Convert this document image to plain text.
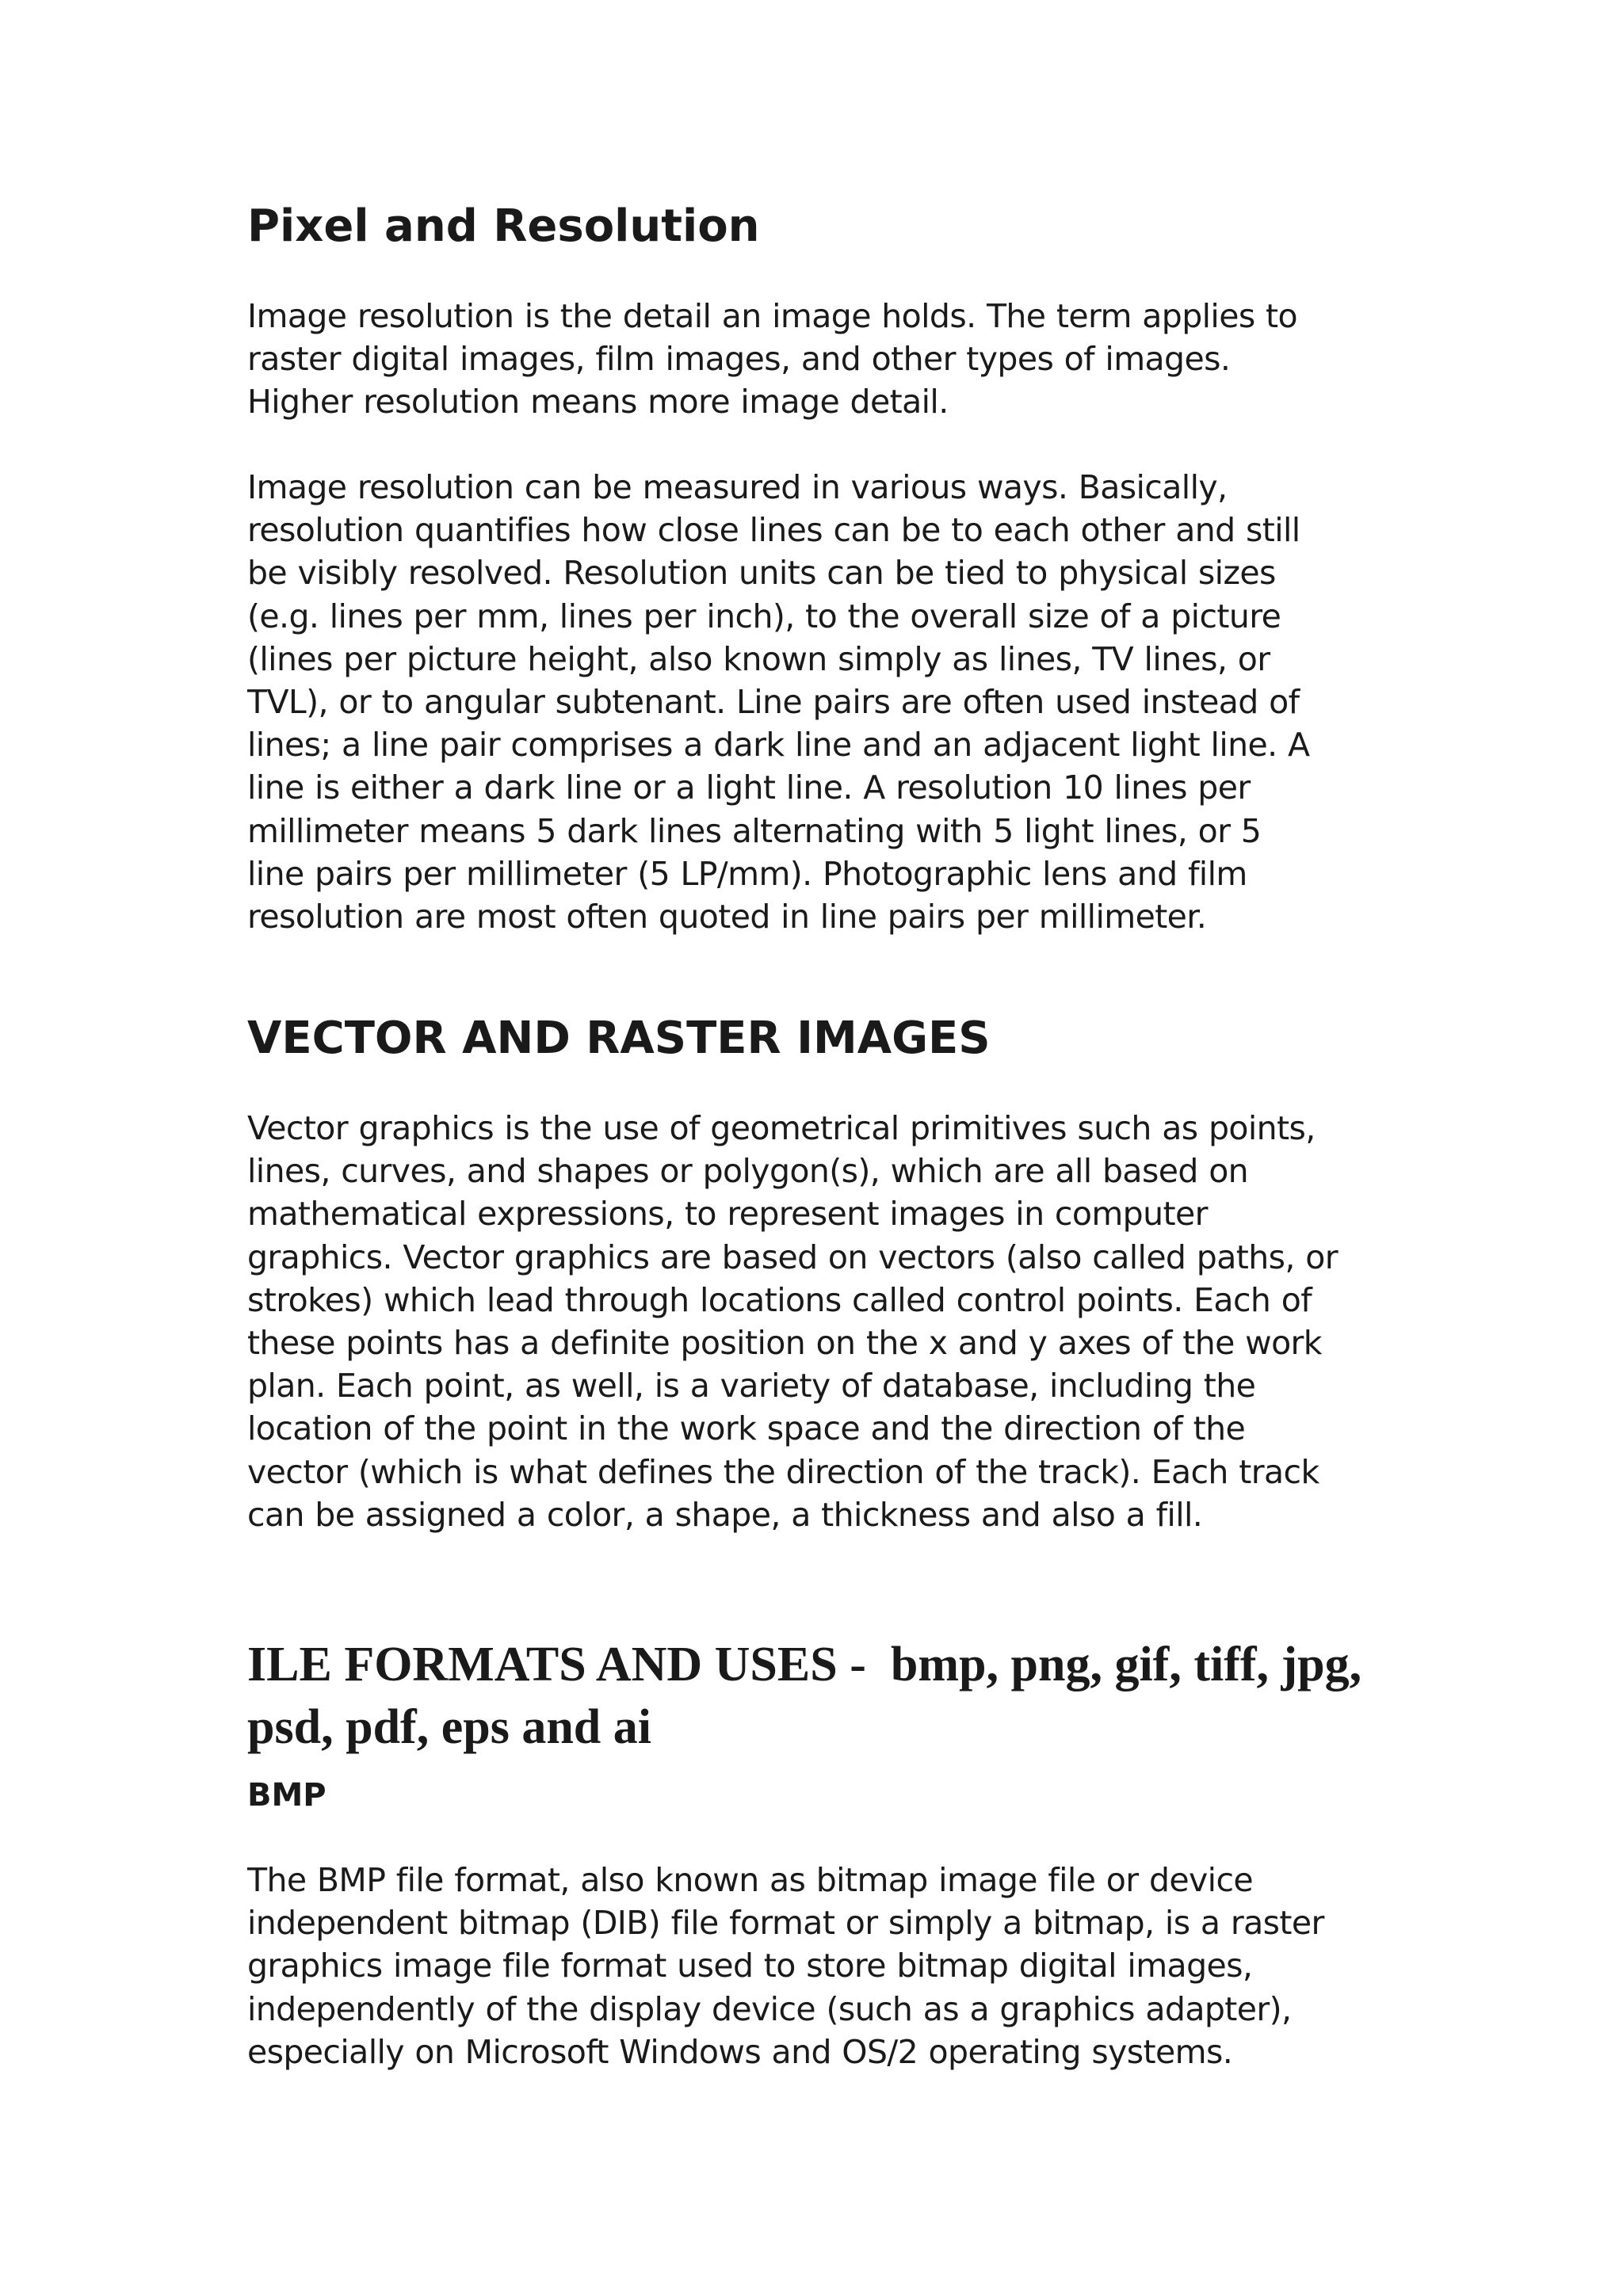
Pixel and Resolution

Image resolution is the detail an image holds. The term applies to
raster digital images, film images, and other types of images.
Higher resolution means more image detail.

Image resolution can be measured in various ways. Basically,
resolution quantifies how close lines can be to each other and still
be visibly resolved. Resolution units can be tied to physical sizes
(e.g. lines per mm, lines per inch), to the overall size of a picture
(lines per picture height, also known simply as lines, TV lines, or
TVL), or to angular subtenant. Line pairs are often used instead of
lines; a line pair comprises a dark line and an adjacent light line. A
line is either a dark line or a light line. A resolution 10 lines per
millimeter means 5 dark lines alternating with 5 light lines, or 5
line pairs per millimeter (5 LP/mm). Photographic lens and film
resolution are most often quoted in line pairs per millimeter.

VECTOR AND RASTER IMAGES

Vector graphics is the use of geometrical primitives such as points,
lines, curves, and shapes or polygon(s), which are all based on
mathematical expressions, to represent images in computer
graphics. Vector graphics are based on vectors (also called paths, or
strokes) which lead through locations called control points. Each of
these points has a definite position on the x and y axes of the work
plan. Each point, as well, is a variety of database, including the
location of the point in the work space and the direction of the
vector (which is what defines the direction of the track). Each track
can be assigned a color, a shape, a thickness and also a fill.

ILE FORMATS AND USES -  bmp, png, gif, tiff, jpg,
psd, pdf, eps and ai
BMP

The BMP file format, also known as bitmap image file or device
independent bitmap (DIB) file format or simply a bitmap, is a raster
graphics image file format used to store bitmap digital images,
independently of the display device (such as a graphics adapter),
especially on Microsoft Windows and OS/2 operating systems.
